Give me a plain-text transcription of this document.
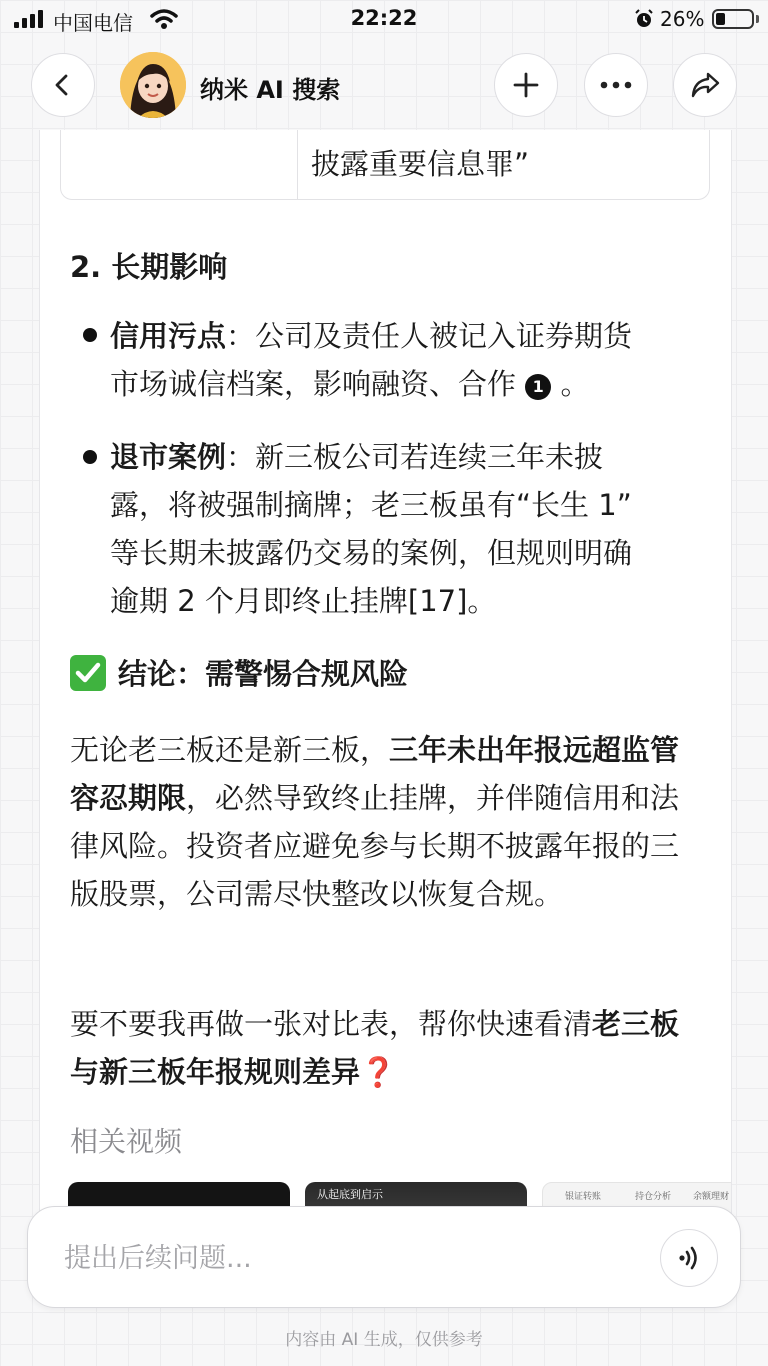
中国电信	22:22	26%
纳米 AI 搜索
披露重要信息罪”
2. 长期影响
信用污点：公司及责任人被记入证券期货
市场诚信档案，影响融资、合作 1 。
退市案例：新三板公司若连续三年未披
露，将被强制摘牌；老三板虽有“长生 1”
等长期未披露仍交易的案例，但规则明确
逾期 2 个月即终止挂牌[17]。
结论：需警惕合规风险
无论老三板还是新三板，三年未出年报远超监管容忍期限，必然导致终止挂牌，并伴随信用和法律风险。投资者应避免参与长期不披露年报的三版股票，公司需尽快整改以恢复合规。
要不要我再做一张对比表，帮你快速看清老三板与新三板年报规则差异❓
相关视频
从起底到启示	银证转账	持仓分析 余额理财
提出后续问题...
内容由 AI 生成，仅供参考
